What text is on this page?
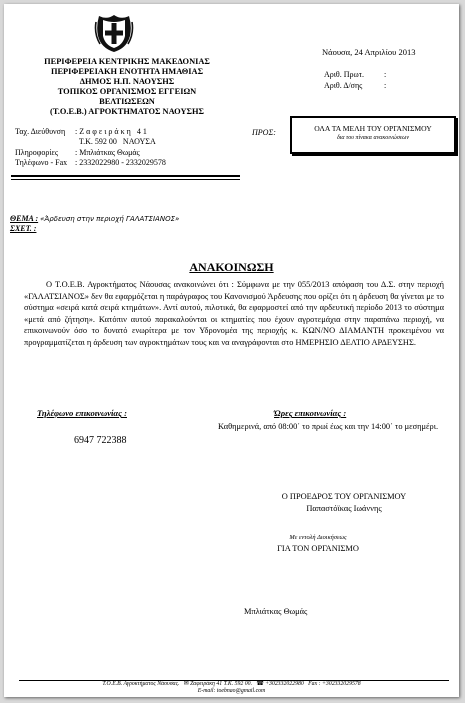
ΠΕΡΙΦΕΡΕΙΑ ΚΕΝΤΡΙΚΗΣ ΜΑΚΕΔΟΝΙΑΣ
ΠΕΡΙΦΕΡΕΙΑΚΗ ΕΝΟΤΗΤΑ ΗΜΑΘΙΑΣ
ΔΗΜΟΣ Η.Π. ΝΑΟΥΣΗΣ
ΤΟΠΙΚΟΣ ΟΡΓΑΝΙΣΜΟΣ ΕΓΓΕΙΩΝ
ΒΕΛΤΙΩΣΕΩΝ
(Τ.Ο.Ε.Β.) ΑΓΡΟΚΤΗΜΑΤΟΣ ΝΑΟΥΣΗΣ
Ταχ. Διεύθυνση	: Ζ α φ ε ι ρ ά κ η   4 1
Τ.Κ. 592 00   ΝΑΟΥΣΑ
Πληροφορίες	: Μπλιάτκας Θωμάς
Τηλέφωνο - Fax : 2332022980 - 2332029578
Νάουσα, 24 Απριλίου 2013
Αριθ. Πρωτ.	:
Αριθ. Δ/σης	:
ΠΡΟΣ:	ΟΛΑ ΤΑ ΜΕΛΗ ΤΟΥ ΟΡΓΑΝΙΣΜΟΥ
δια του πίνακα ανακοινώσεων
ΘΕΜΑ : «Άρδευση στην περιοχή ΓΑΛΑΤΣΙΑΝΟΣ»
ΣΧΕΤ. :
ΑΝΑΚΟΙΝΩΣΗ
Ο Τ.Ο.Ε.Β. Αγροκτήματος Νάουσας ανακοινώνει ότι : Σύμφωνα με την 055/2013 απόφαση του Δ.Σ. στην περιοχή «ΓΑΛΑΤΣΙΑΝΟΣ» δεν θα εφαρμόζεται η παράγραφος του Κανονισμού Άρδευσης που ορίζει ότι η άρδευση θα γίνεται με το σύστημα «σειρά κατά σειρά κτημάτων». Αντί αυτού, πιλοτικά, θα εφαρμοστεί από την αρδευτική περίοδο 2013 το σύστημα «μετά από ζήτηση». Κατόπιν αυτού παρακαλούνται οι κτηματίες που έχουν αγροτεμάχια στην παραπάνω περιοχή, να επικοινωνούν όσο το δυνατό ενωρίτερα με τον Υδρονομέα της περιοχής κ. ΚΩΝ/ΝΟ ΔΙΑΜΑΝΤΗ προκειμένου να προγραμματίζεται η άρδευση των αγροκτημάτων τους και να αναγράφονται στο ΗΜΕΡΗΣΙΟ ΔΕΛΤΙΟ ΑΡΔΕΥΣΗΣ.
Τηλέφωνο επικοινωνίας :
6947 722388
Ώρες επικοινωνίας :
Καθημερινά, από 08:00΄ το πρωί έως και την 14:00΄ το μεσημέρι.
Ο ΠΡΟΕΔΡΟΣ ΤΟΥ ΟΡΓΑΝΙΣΜΟΥ
Παπαστόϊκας Ιωάννης
Με εντολή Διοικήσεως
ΓΙΑ ΤΟΝ ΟΡΓΑΝΙΣΜΟ
Μπλιάτκας Θωμάς
Τ.Ο.Ε.Β. Αγροκτήματος Νάουσας. ✉ Ζαφειράκη 41 Τ.Κ. 592 00. ☎ +302332022980 Fax : +302332029578
E-mail: toebnao@gmail.com
